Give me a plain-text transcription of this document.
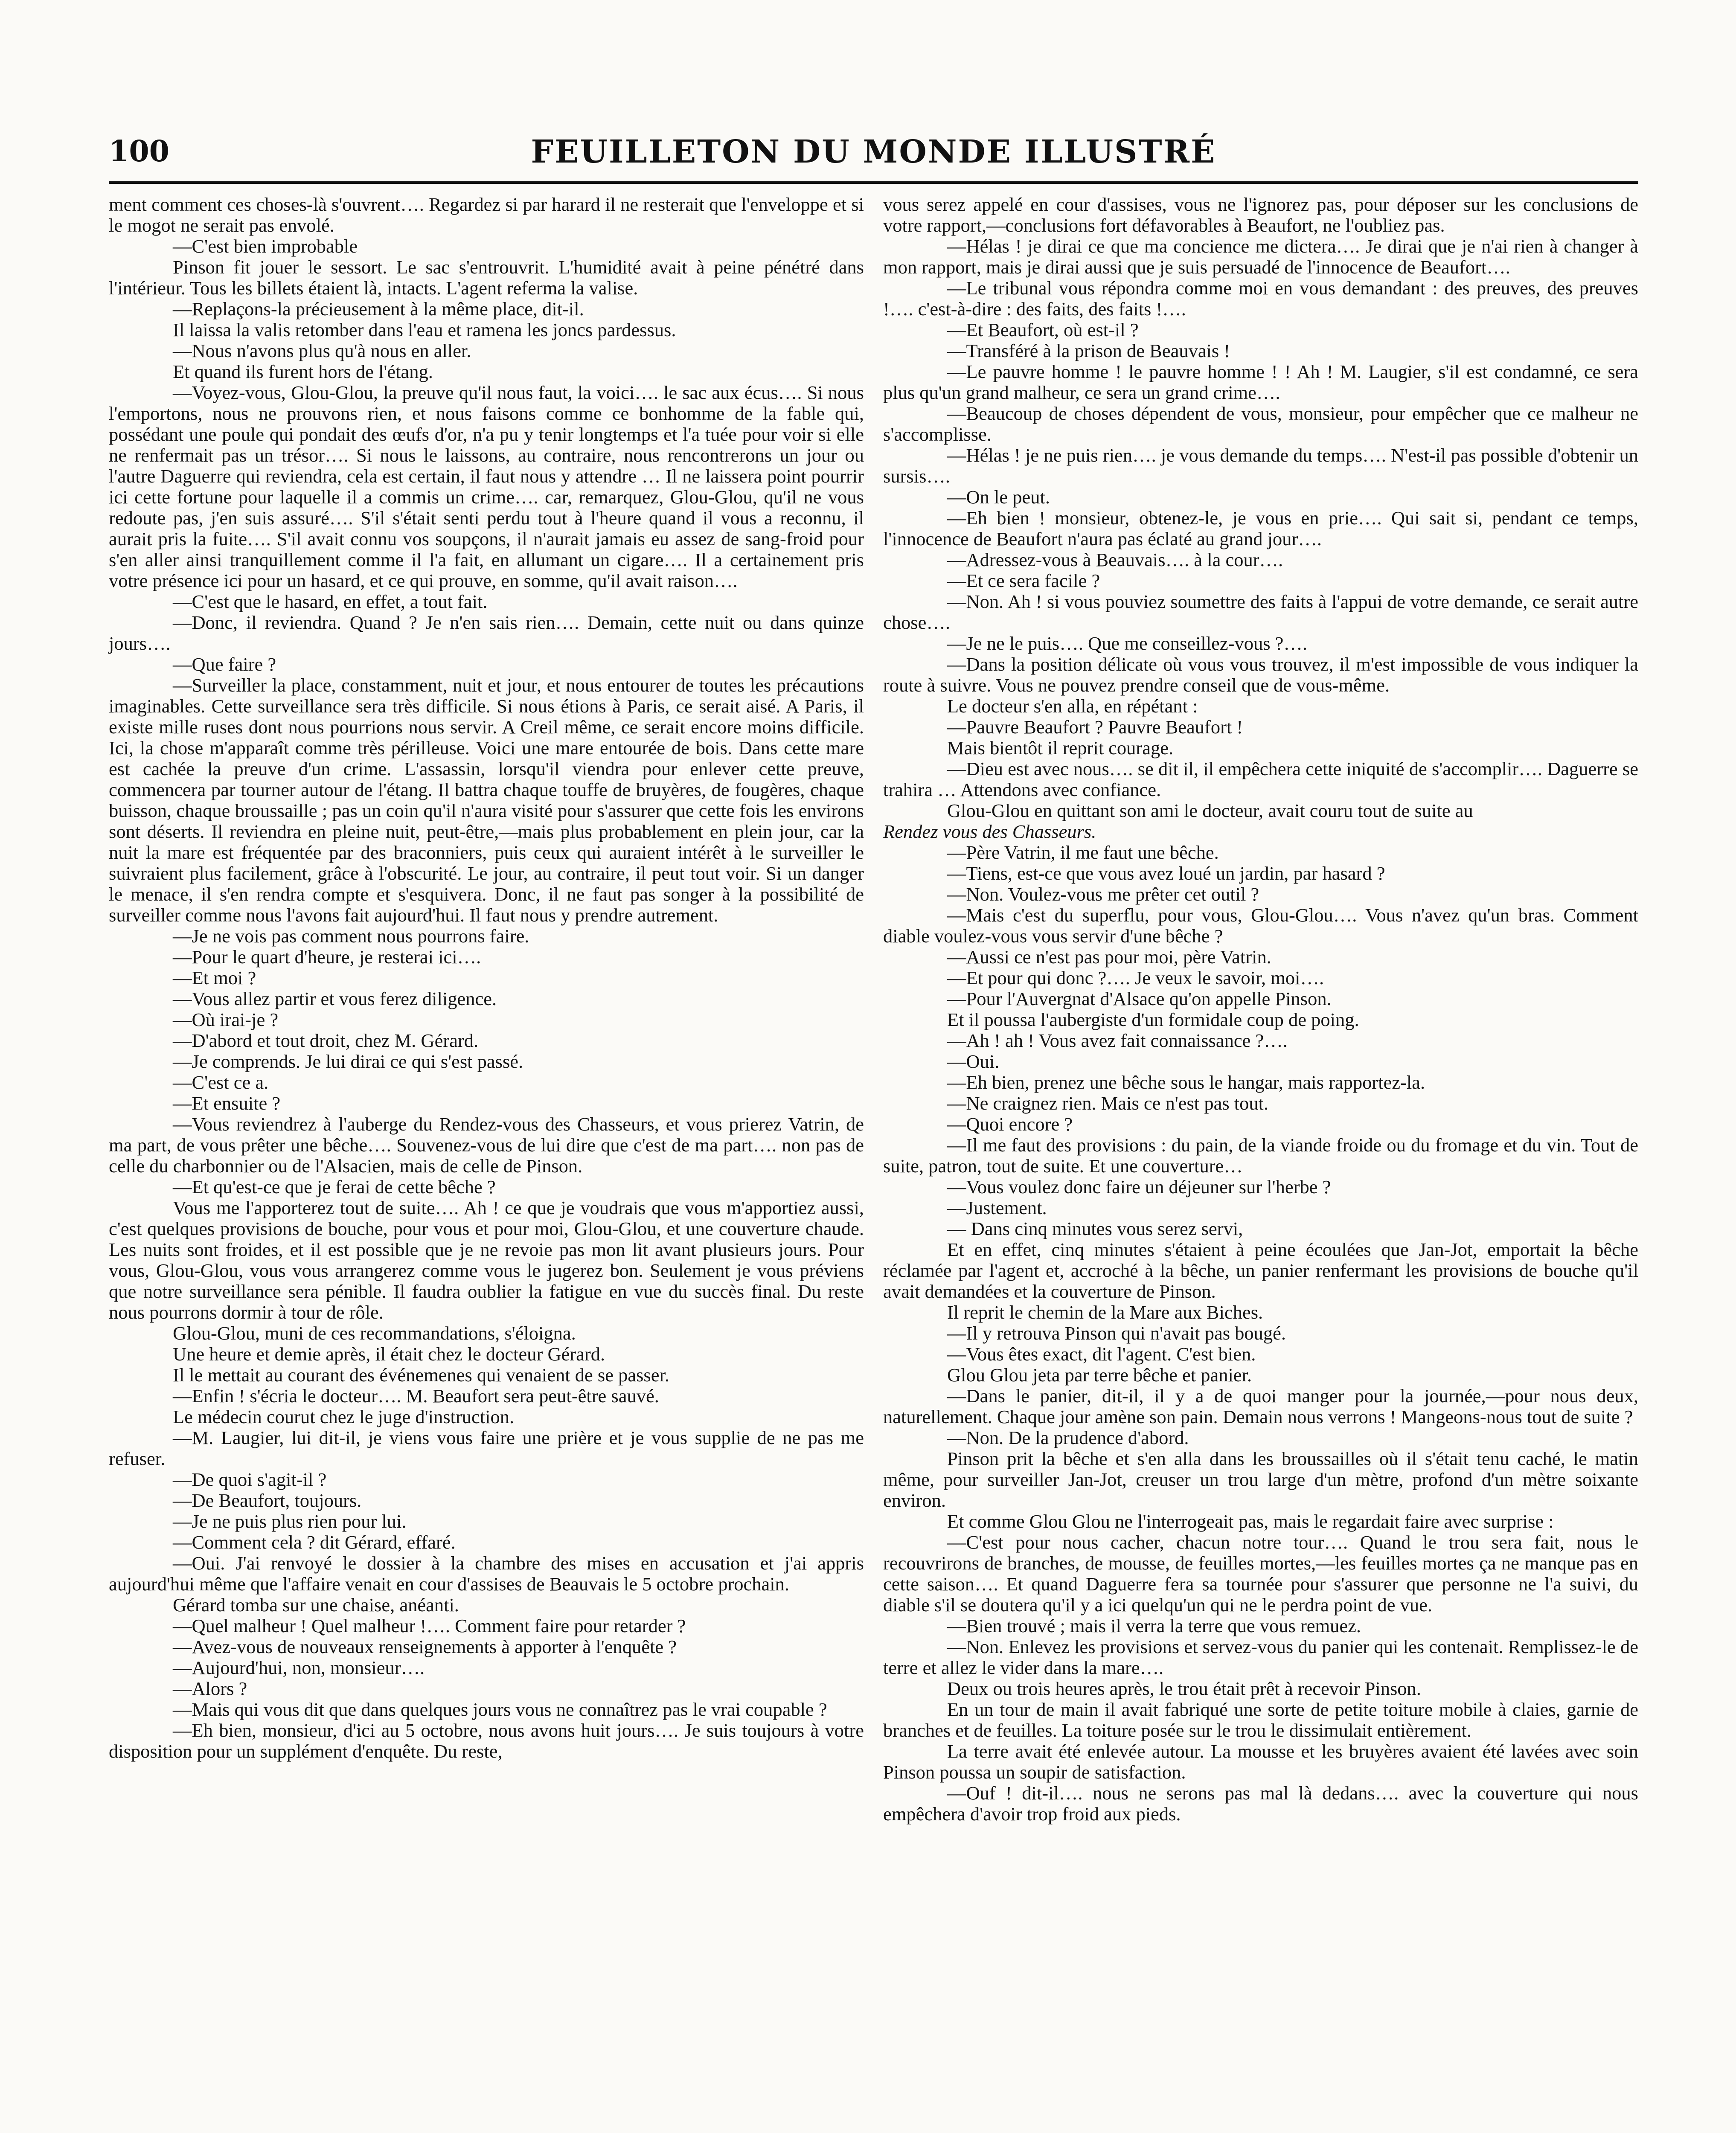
100	FEUILLETON DU MONDE ILLUSTRÉ

ment comment ces choses-là s'ouvrent…. Regardez si par harard il ne resterait que l'enveloppe et si le mogot ne serait pas envolé.

—C'est bien improbable

Pinson fit jouer le sessort. Le sac s'entrouvrit. L'humidité avait à peine pénétré dans l'intérieur. Tous les billets étaient là, intacts. L'agent referma la valise.

—Replaçons-la précieusement à la même place, dit-il.

Il laissa la valis retomber dans l'eau et ramena les joncs pardessus.

—Nous n'avons plus qu'à nous en aller.

Et quand ils furent hors de l'étang.

—Voyez-vous, Glou-Glou, la preuve qu'il nous faut, la voici…. le sac aux écus…. Si nous l'emportons, nous ne prouvons rien, et nous faisons comme ce bonhomme de la fable qui, possédant une poule qui pondait des œufs d'or, n'a pu y tenir longtemps et l'a tuée pour voir si elle ne renfermait pas un trésor…. Si nous le laissons, au contraire, nous rencontrerons un jour ou l'autre Daguerre qui reviendra, cela est certain, il faut nous y attendre … Il ne laissera point pourrir ici cette fortune pour laquelle il a commis un crime…. car, remarquez, Glou-Glou, qu'il ne vous redoute pas, j'en suis assuré…. S'il s'était senti perdu tout à l'heure quand il vous a reconnu, il aurait pris la fuite…. S'il avait connu vos soupçons, il n'aurait jamais eu assez de sang-froid pour s'en aller ainsi tranquillement comme il l'a fait, en allumant un cigare…. Il a certainement pris votre présence ici pour un hasard, et ce qui prouve, en somme, qu'il avait raison….

—C'est que le hasard, en effet, a tout fait.

—Donc, il reviendra. Quand ? Je n'en sais rien…. Demain, cette nuit ou dans quinze jours….

—Que faire ?

—Surveiller la place, constamment, nuit et jour, et nous entourer de toutes les précautions imaginables. Cette surveillance sera très difficile. Si nous étions à Paris, ce serait aisé. A Paris, il existe mille ruses dont nous pourrions nous servir. A Creil même, ce serait encore moins difficile. Ici, la chose m'apparaît comme très périlleuse. Voici une mare entourée de bois. Dans cette mare est cachée la preuve d'un crime. L'assassin, lorsqu'il viendra pour enlever cette preuve, commencera par tourner autour de l'étang. Il battra chaque touffe de bruyères, de fougères, chaque buisson, chaque broussaille ; pas un coin qu'il n'aura visité pour s'assurer que cette fois les environs sont déserts. Il reviendra en pleine nuit, peut-être,—mais plus probablement en plein jour, car la nuit la mare est fréquentée par des braconniers, puis ceux qui auraient intérêt à le surveiller le suivraient plus facilement, grâce à l'obscurité. Le jour, au contraire, il peut tout voir. Si un danger le menace, il s'en rendra compte et s'esquivera. Donc, il ne faut pas songer à la possibilité de surveiller comme nous l'avons fait aujourd'hui. Il faut nous y prendre autrement.

—Je ne vois pas comment nous pourrons faire.

—Pour le quart d'heure, je resterai ici….

—Et moi ?

—Vous allez partir et vous ferez diligence.

—Où irai-je ?

—D'abord et tout droit, chez M. Gérard.

—Je comprends. Je lui dirai ce qui s'est passé.

—C'est ce a.

—Et ensuite ?

—Vous reviendrez à l'auberge du Rendez-vous des Chasseurs, et vous prierez Vatrin, de ma part, de vous prêter une bêche…. Souvenez-vous de lui dire que c'est de ma part…. non pas de celle du charbonnier ou de l'Alsacien, mais de celle de Pinson.

—Et qu'est-ce que je ferai de cette bêche ?

Vous me l'apporterez tout de suite…. Ah ! ce que je voudrais que vous m'apportiez aussi, c'est quelques provisions de bouche, pour vous et pour moi, Glou-Glou, et une couverture chaude. Les nuits sont froides, et il est possible que je ne revoie pas mon lit avant plusieurs jours. Pour vous, Glou-Glou, vous vous arrangerez comme vous le jugerez bon. Seulement je vous préviens que notre surveillance sera pénible. Il faudra oublier la fatigue en vue du succès final. Du reste nous pourrons dormir à tour de rôle.

Glou-Glou, muni de ces recommandations, s'éloigna.

Une heure et demie après, il était chez le docteur Gérard.

Il le mettait au courant des événemenes qui venaient de se passer.

—Enfin ! s'écria le docteur…. M. Beaufort sera peut-être sauvé.

Le médecin courut chez le juge d'instruction.

—M. Laugier, lui dit-il, je viens vous faire une prière et je vous supplie de ne pas me refuser.

—De quoi s'agit-il ?

—De Beaufort, toujours.

—Je ne puis plus rien pour lui.

—Comment cela ? dit Gérard, effaré.

—Oui. J'ai renvoyé le dossier à la chambre des mises en accusation et j'ai appris aujourd'hui même que l'affaire venait en cour d'assises de Beauvais le 5 octobre prochain.

Gérard tomba sur une chaise, anéanti.

—Quel malheur ! Quel malheur !…. Comment faire pour retarder ?

—Avez-vous de nouveaux renseignements à apporter à l'enquête ?

—Aujourd'hui, non, monsieur….

—Alors ?

—Mais qui vous dit que dans quelques jours vous ne connaîtrez pas le vrai coupable ?

—Eh bien, monsieur, d'ici au 5 octobre, nous avons huit jours…. Je suis toujours à votre disposition pour un supplément d'enquête. Du reste,

vous serez appelé en cour d'assises, vous ne l'ignorez pas, pour déposer sur les conclusions de votre rapport,—conclusions fort défavorables à Beaufort, ne l'oubliez pas.

—Hélas ! je dirai ce que ma concience me dictera…. Je dirai que je n'ai rien à changer à mon rapport, mais je dirai aussi que je suis persuadé de l'innocence de Beaufort….

—Le tribunal vous répondra comme moi en vous demandant : des preuves, des preuves !…. c'est-à-dire : des faits, des faits !….

—Et Beaufort, où est-il ?

—Transféré à la prison de Beauvais !

—Le pauvre homme ! le pauvre homme ! ! Ah ! M. Laugier, s'il est condamné, ce sera plus qu'un grand malheur, ce sera un grand crime….

—Beaucoup de choses dépendent de vous, monsieur, pour empêcher que ce malheur ne s'accomplisse.

—Hélas ! je ne puis rien…. je vous demande du temps…. N'est-il pas possible d'obtenir un sursis….

—On le peut.

—Eh bien ! monsieur, obtenez-le, je vous en prie…. Qui sait si, pendant ce temps, l'innocence de Beaufort n'aura pas éclaté au grand jour….

—Adressez-vous à Beauvais…. à la cour….

—Et ce sera facile ?

—Non. Ah ! si vous pouviez soumettre des faits à l'appui de votre demande, ce serait autre chose….

—Je ne le puis…. Que me conseillez-vous ?….

—Dans la position délicate où vous vous trouvez, il m'est impossible de vous indiquer la route à suivre. Vous ne pouvez prendre conseil que de vous-même.

Le docteur s'en alla, en répétant :

—Pauvre Beaufort ? Pauvre Beaufort !

Mais bientôt il reprit courage.

—Dieu est avec nous…. se dit il, il empêchera cette iniquité de s'accomplir…. Daguerre se trahira … Attendons avec confiance.

Glou-Glou en quittant son ami le docteur, avait couru tout de suite au

Rendez vous des Chasseurs.

—Père Vatrin, il me faut une bêche.

—Tiens, est-ce que vous avez loué un jardin, par hasard ?

—Non. Voulez-vous me prêter cet outil ?

—Mais c'est du superflu, pour vous, Glou-Glou…. Vous n'avez qu'un bras. Comment diable voulez-vous vous servir d'une bêche ?

—Aussi ce n'est pas pour moi, père Vatrin.

—Et pour qui donc ?…. Je veux le savoir, moi….

—Pour l'Auvergnat d'Alsace qu'on appelle Pinson.

Et il poussa l'aubergiste d'un formidale coup de poing.

—Ah ! ah ! Vous avez fait connaissance ?….

—Oui.

—Eh bien, prenez une bêche sous le hangar, mais rapportez-la.

—Ne craignez rien. Mais ce n'est pas tout.

—Quoi encore ?

—Il me faut des provisions : du pain, de la viande froide ou du fromage et du vin. Tout de suite, patron, tout de suite. Et une couverture…

—Vous voulez donc faire un déjeuner sur l'herbe ?

—Justement.

— Dans cinq minutes vous serez servi,

Et en effet, cinq minutes s'étaient à peine écoulées que Jan-Jot, emportait la bêche réclamée par l'agent et, accroché à la bêche, un panier renfermant les provisions de bouche qu'il avait demandées et la couverture de Pinson.

Il reprit le chemin de la Mare aux Biches.

—Il y retrouva Pinson qui n'avait pas bougé.

—Vous êtes exact, dit l'agent. C'est bien.

Glou Glou jeta par terre bêche et panier.

—Dans le panier, dit-il, il y a de quoi manger pour la journée,—pour nous deux, naturellement. Chaque jour amène son pain. Demain nous verrons ! Mangeons-nous tout de suite ?

—Non. De la prudence d'abord.

Pinson prit la bêche et s'en alla dans les broussailles où il s'était tenu caché, le matin même, pour surveiller Jan-Jot, creuser un trou large d'un mètre, profond d'un mètre soixante environ.

Et comme Glou Glou ne l'interrogeait pas, mais le regardait faire avec surprise :

—C'est pour nous cacher, chacun notre tour…. Quand le trou sera fait, nous le recouvrirons de branches, de mousse, de feuilles mortes,—les feuilles mortes ça ne manque pas en cette saison…. Et quand Daguerre fera sa tournée pour s'assurer que personne ne l'a suivi, du diable s'il se doutera qu'il y a ici quelqu'un qui ne le perdra point de vue.

—Bien trouvé ; mais il verra la terre que vous remuez.

—Non. Enlevez les provisions et servez-vous du panier qui les contenait. Remplissez-le de terre et allez le vider dans la mare….

Deux ou trois heures après, le trou était prêt à recevoir Pinson.

En un tour de main il avait fabriqué une sorte de petite toiture mobile à claies, garnie de branches et de feuilles. La toiture posée sur le trou le dissimulait entièrement.

La terre avait été enlevée autour. La mousse et les bruyères avaient été lavées avec soin Pinson poussa un soupir de satisfaction.

—Ouf ! dit-il…. nous ne serons pas mal là dedans…. avec la couverture qui nous empêchera d'avoir trop froid aux pieds.
